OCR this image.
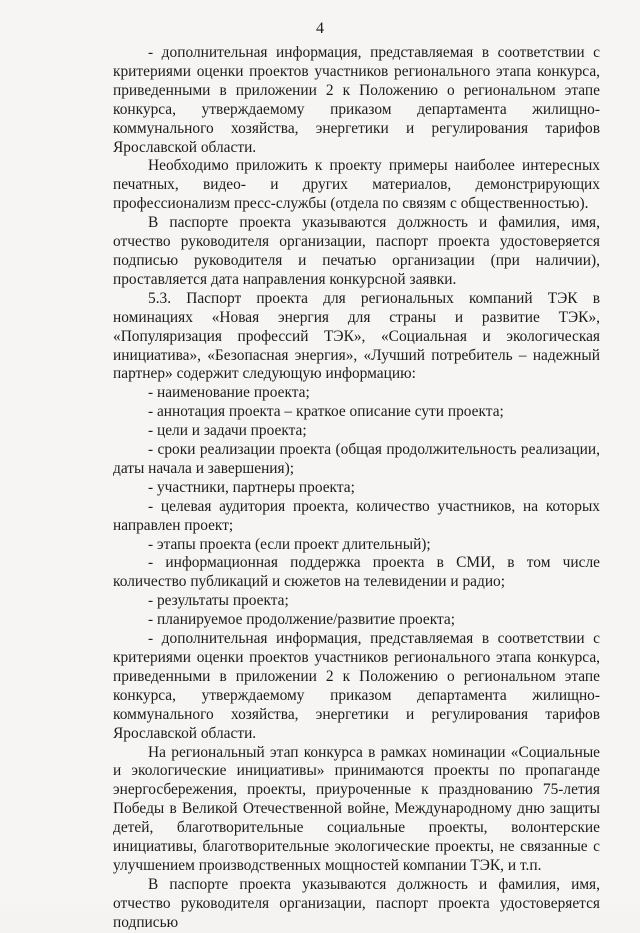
4

- дополнительная информация, представляемая в соответствии с критериями оценки проектов участников регионального этапа конкурса, приведенными в приложении 2 к Положению о региональном этапе конкурса, утверждаемому приказом департамента жилищно-коммунального хозяйства, энергетики и регулирования тарифов Ярославской области.

Необходимо приложить к проекту примеры наиболее интересных печатных, видео- и других материалов, демонстрирующих профессионализм пресс-службы (отдела по связям с общественностью).

В паспорте проекта указываются должность и фамилия, имя, отчество руководителя организации, паспорт проекта удостоверяется подписью руководителя и печатью организации (при наличии), проставляется дата направления конкурсной заявки.

5.3. Паспорт проекта для региональных компаний ТЭК в номинациях «Новая энергия для страны и развитие ТЭК», «Популяризация профессий ТЭК», «Социальная и экологическая инициатива», «Безопасная энергия», «Лучший потребитель – надежный партнер» содержит следующую информацию:

- наименование проекта;

- аннотация проекта – краткое описание сути проекта;

- цели и задачи проекта;

- сроки реализации проекта (общая продолжительность реализации, даты начала и завершения);

- участники, партнеры проекта;

- целевая аудитория проекта, количество участников, на которых направлен проект;

- этапы проекта (если проект длительный);

- информационная поддержка проекта в СМИ, в том числе количество публикаций и сюжетов на телевидении и радио;

- результаты проекта;

- планируемое продолжение/развитие проекта;

- дополнительная информация, представляемая в соответствии с критериями оценки проектов участников регионального этапа конкурса, приведенными в приложении 2 к Положению о региональном этапе конкурса, утверждаемому приказом департамента жилищно-коммунального хозяйства, энергетики и регулирования тарифов Ярославской области.

На региональный этап конкурса в рамках номинации «Социальные и экологические инициативы» принимаются проекты по пропаганде энергосбережения, проекты, приуроченные к празднованию 75-летия Победы в Великой Отечественной войне, Международному дню защиты детей, благотворительные социальные проекты, волонтерские инициативы, благотворительные экологические проекты, не связанные с улучшением производственных мощностей компании ТЭК, и т.п.

В паспорте проекта указываются должность и фамилия, имя, отчество руководителя организации, паспорт проекта удостоверяется подписью
